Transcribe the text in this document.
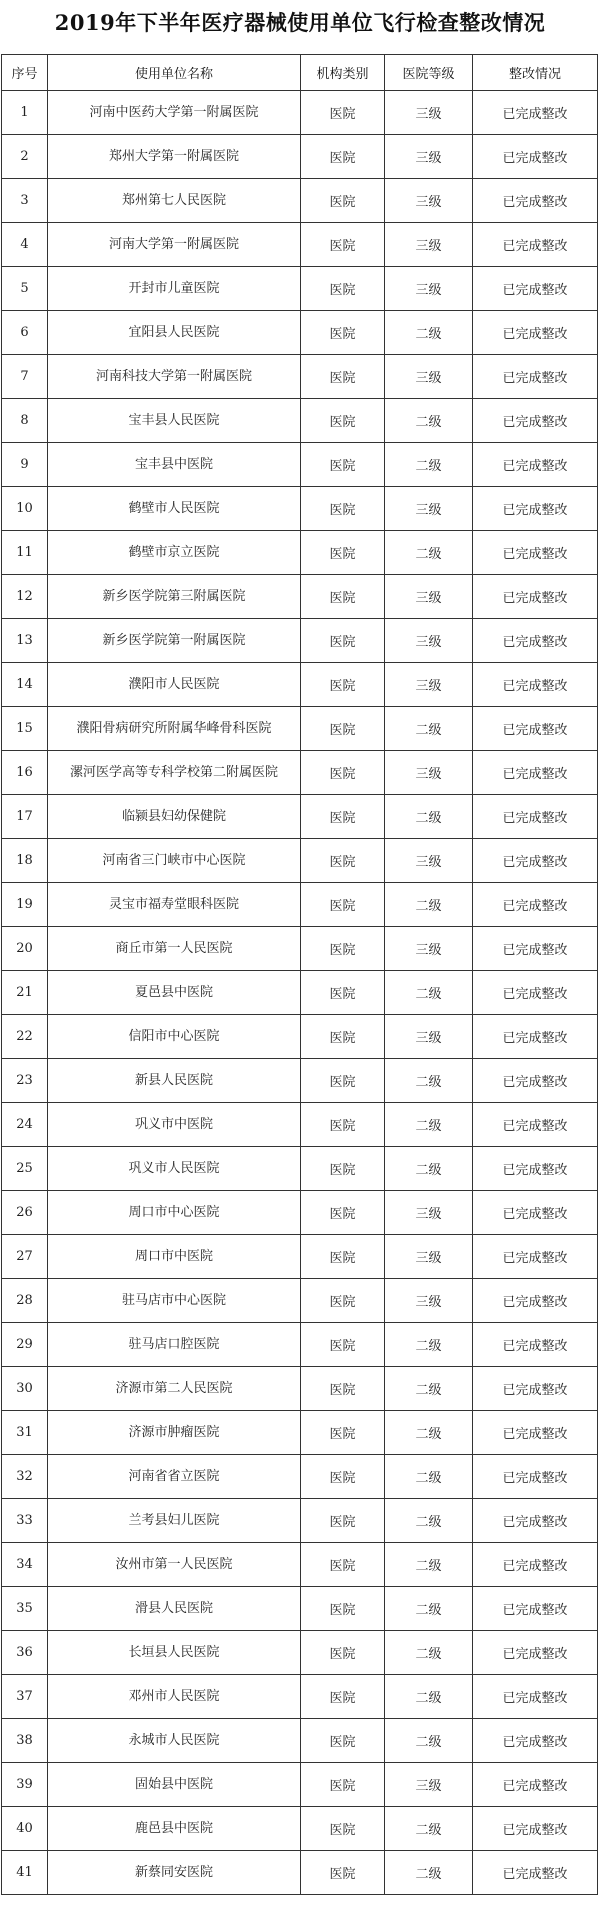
2019年下半年医疗器械使用单位飞行检查整改情况
序号	使用单位名称	机构类别	医院等级	整改情况
1	河南中医药大学第一附属医院	医院	三级	已完成整改
2	郑州大学第一附属医院	医院	三级	已完成整改
3	郑州第七人民医院	医院	三级	已完成整改
4	河南大学第一附属医院	医院	三级	已完成整改
5	开封市儿童医院	医院	三级	已完成整改
6	宜阳县人民医院	医院	二级	已完成整改
7	河南科技大学第一附属医院	医院	三级	已完成整改
8	宝丰县人民医院	医院	二级	已完成整改
9	宝丰县中医院	医院	二级	已完成整改
10	鹤壁市人民医院	医院	三级	已完成整改
11	鹤壁市京立医院	医院	二级	已完成整改
12	新乡医学院第三附属医院	医院	三级	已完成整改
13	新乡医学院第一附属医院	医院	三级	已完成整改
14	濮阳市人民医院	医院	三级	已完成整改
15	濮阳骨病研究所附属华峰骨科医院	医院	二级	已完成整改
16	漯河医学高等专科学校第二附属医院	医院	三级	已完成整改
17	临颍县妇幼保健院	医院	二级	已完成整改
18	河南省三门峡市中心医院	医院	三级	已完成整改
19	灵宝市福寿堂眼科医院	医院	二级	已完成整改
20	商丘市第一人民医院	医院	三级	已完成整改
21	夏邑县中医院	医院	二级	已完成整改
22	信阳市中心医院	医院	三级	已完成整改
23	新县人民医院	医院	二级	已完成整改
24	巩义市中医院	医院	二级	已完成整改
25	巩义市人民医院	医院	二级	已完成整改
26	周口市中心医院	医院	三级	已完成整改
27	周口市中医院	医院	三级	已完成整改
28	驻马店市中心医院	医院	三级	已完成整改
29	驻马店口腔医院	医院	二级	已完成整改
30	济源市第二人民医院	医院	二级	已完成整改
31	济源市肿瘤医院	医院	二级	已完成整改
32	河南省省立医院	医院	二级	已完成整改
33	兰考县妇儿医院	医院	二级	已完成整改
34	汝州市第一人民医院	医院	二级	已完成整改
35	滑县人民医院	医院	二级	已完成整改
36	长垣县人民医院	医院	二级	已完成整改
37	邓州市人民医院	医院	二级	已完成整改
38	永城市人民医院	医院	二级	已完成整改
39	固始县中医院	医院	三级	已完成整改
40	鹿邑县中医院	医院	二级	已完成整改
41	新蔡同安医院	医院	二级	已完成整改
